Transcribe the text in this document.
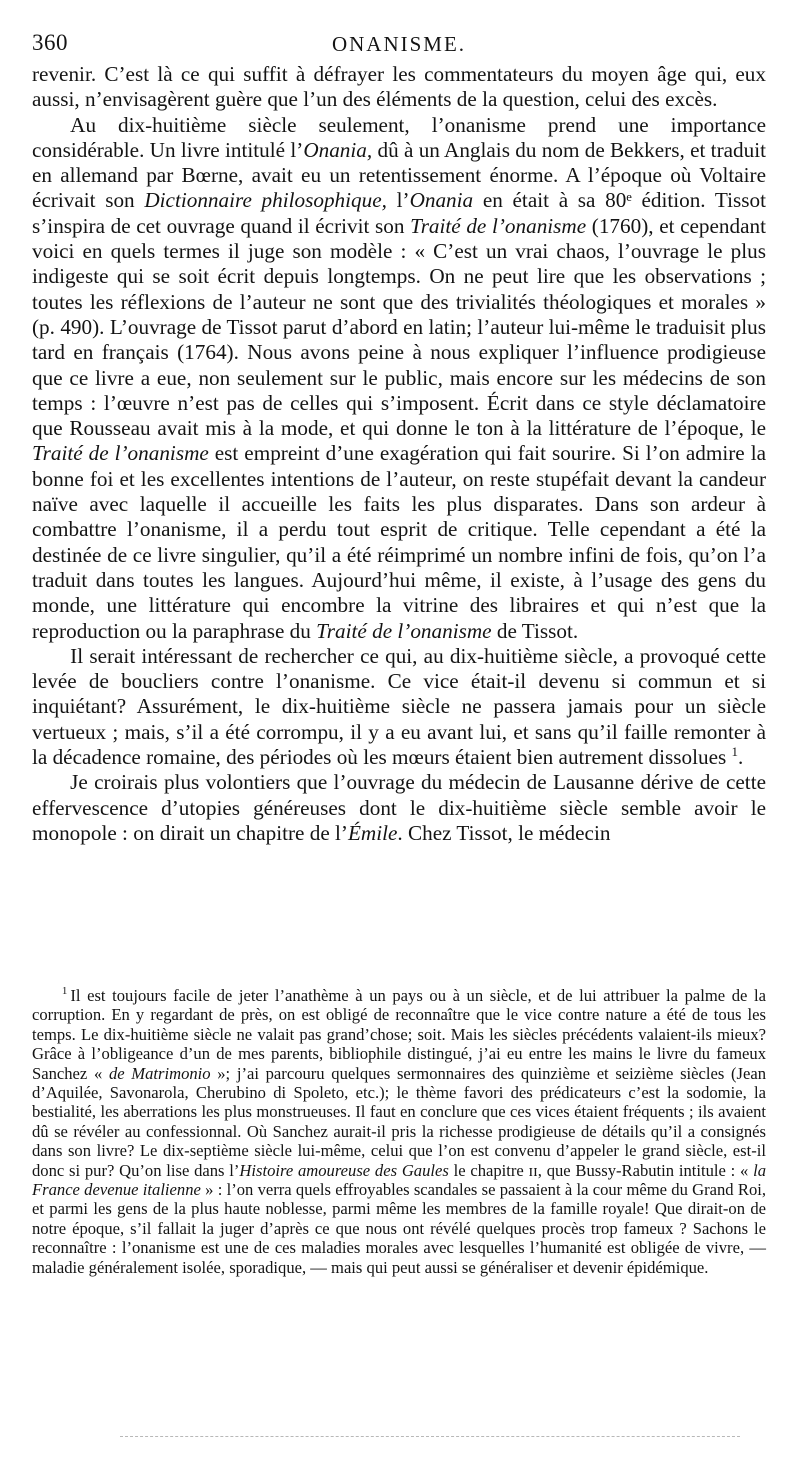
360	ONANISME.

revenir. C’est là ce qui suffit à défrayer les commentateurs du moyen âge qui, eux aussi, n’envisagèrent guère que l’un des éléments de la question, celui des excès.

Au dix-huitième siècle seulement, l’onanisme prend une importance considérable. Un livre intitulé l’Onania, dû à un Anglais du nom de Bekkers, et traduit en allemand par Bœrne, avait eu un retentissement énorme. A l’époque où Voltaire écrivait son Dictionnaire philosophique, l’Onania en était à sa 80ᵉ édition. Tissot s’inspira de cet ouvrage quand il écrivit son Traité de l’onanisme (1760), et cependant voici en quels termes il juge son modèle : « C’est un vrai chaos, l’ouvrage le plus indigeste qui se soit écrit depuis longtemps. On ne peut lire que les observations ; toutes les réflexions de l’auteur ne sont que des trivialités théologiques et morales » (p. 490). L’ouvrage de Tissot parut d’abord en latin; l’auteur lui-même le traduisit plus tard en français (1764). Nous avons peine à nous expliquer l’influence prodigieuse que ce livre a eue, non seulement sur le public, mais encore sur les médecins de son temps : l’œuvre n’est pas de celles qui s’imposent. Écrit dans ce style déclamatoire que Rousseau avait mis à la mode, et qui donne le ton à la littérature de l’époque, le Traité de l’onanisme est empreint d’une exagération qui fait sourire. Si l’on admire la bonne foi et les excellentes intentions de l’auteur, on reste stupéfait devant la candeur naïve avec laquelle il accueille les faits les plus disparates. Dans son ardeur à combattre l’onanisme, il a perdu tout esprit de critique. Telle cependant a été la destinée de ce livre singulier, qu’il a été réimprimé un nombre infini de fois, qu’on l’a traduit dans toutes les langues. Aujourd’hui même, il existe, à l’usage des gens du monde, une littérature qui encombre la vitrine des libraires et qui n’est que la reproduction ou la paraphrase du Traité de l’onanisme de Tissot.

Il serait intéressant de rechercher ce qui, au dix-huitième siècle, a provoqué cette levée de boucliers contre l’onanisme. Ce vice était-il devenu si commun et si inquiétant? Assurément, le dix-huitième siècle ne passera jamais pour un siècle vertueux ; mais, s’il a été corrompu, il y a eu avant lui, et sans qu’il faille remonter à la décadence romaine, des périodes où les mœurs étaient bien autrement dissolues $^1$.

Je croirais plus volontiers que l’ouvrage du médecin de Lausanne dérive de cette effervescence d’utopies généreuses dont le dix-huitième siècle semble avoir le monopole : on dirait un chapitre de l’Émile. Chez Tissot, le médecin

$^1$ Il est toujours facile de jeter l’anathème à un pays ou à un siècle, et de lui attribuer la palme de la corruption. En y regardant de près, on est obligé de reconnaître que le vice contre nature a été de tous les temps. Le dix-huitième siècle ne valait pas grand’chose; soit. Mais les siècles précédents valaient-ils mieux? Grâce à l’obligeance d’un de mes parents, bibliophile distingué, j’ai eu entre les mains le livre du fameux Sanchez « de Matrimonio »; j’ai parcouru quelques sermonnaires des quinzième et seizième siècles (Jean d’Aquilée, Savonarola, Cherubino di Spoleto, etc.); le thème favori des prédicateurs c’est la sodomie, la bestialité, les aberrations les plus monstrueuses. Il faut en conclure que ces vices étaient fréquents ; ils avaient dû se révéler au confessionnal. Où Sanchez aurait-il pris la richesse prodigieuse de détails qu’il a consignés dans son livre? Le dix-septième siècle lui-même, celui que l’on est convenu d’appeler le grand siècle, est-il donc si pur? Qu’on lise dans l’Histoire amoureuse des Gaules le chapitre ɪɪ, que Bussy-Rabutin intitule : « la France devenue italienne » : l’on verra quels effroyables scandales se passaient à la cour même du Grand Roi, et parmi les gens de la plus haute noblesse, parmi même les membres de la famille royale! Que dirait-on de notre époque, s’il fallait la juger d’après ce que nous ont révélé quelques procès trop fameux ? Sachons le reconnaître : l’onanisme est une de ces maladies morales avec lesquelles l’humanité est obligée de vivre, — maladie généralement isolée, sporadique, — mais qui peut aussi se généraliser et devenir épidémique.
